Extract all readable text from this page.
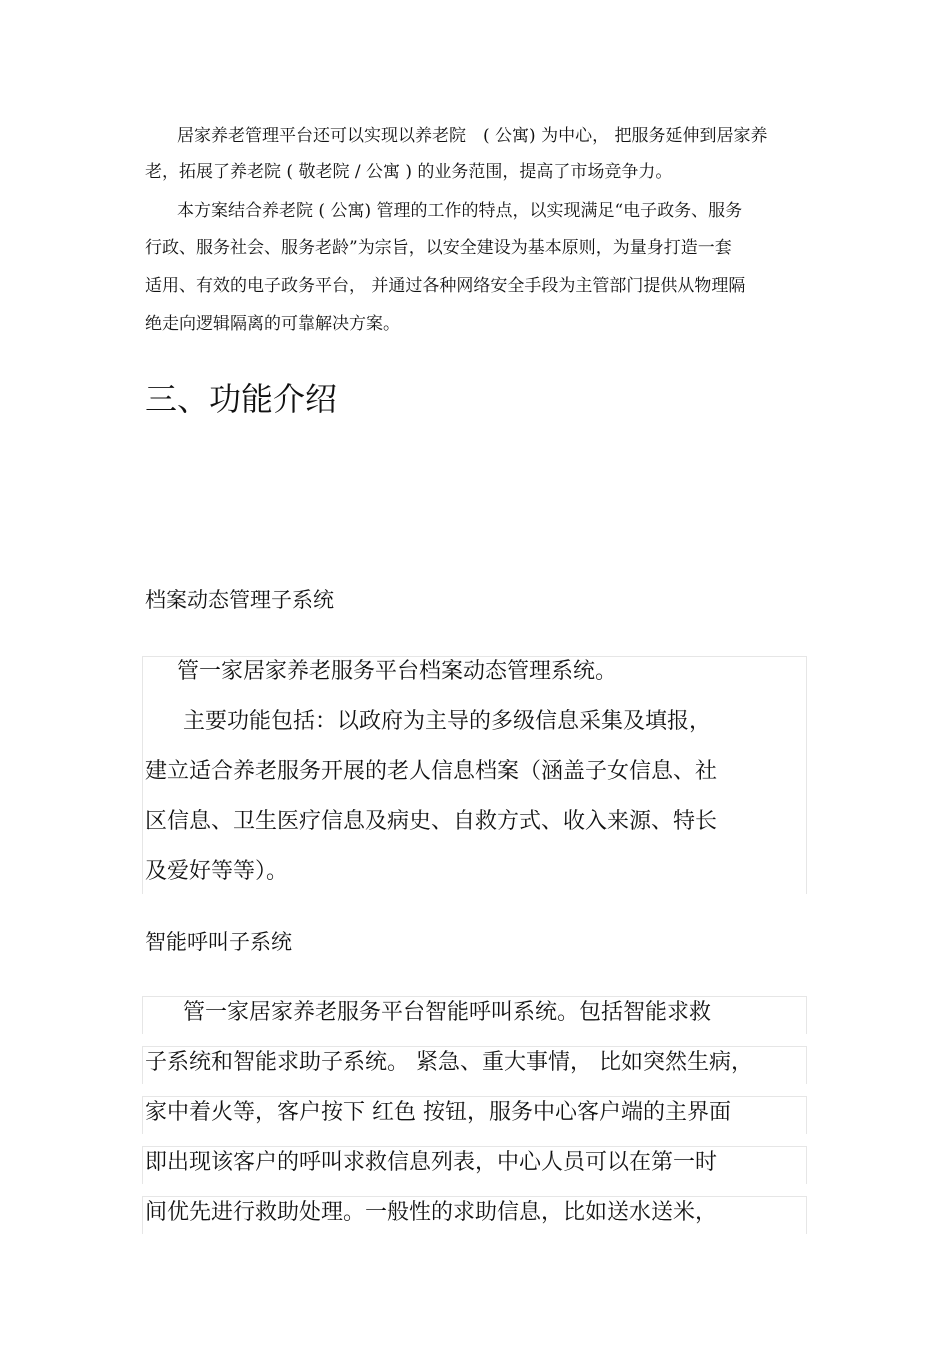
居家养老管理平台还可以实现以养老院　( 公寓) 为中心， 把服务延伸到居家养

老，拓展了养老院 ( 敬老院 / 公寓 ) 的业务范围，提高了市场竞争力。

本方案结合养老院 ( 公寓) 管理的工作的特点，以实现满足“电子政务、服务

行政、服务社会、服务老龄”为宗旨，以安全建设为基本原则，为量身打造一套

适用、有效的电子政务平台， 并通过各种网络安全手段为主管部门提供从物理隔

绝走向逻辑隔离的可靠解决方案。

三、功能介绍
档案动态管理子系统

管一家居家养老服务平台档案动态管理系统。

主要功能包括：以政府为主导的多级信息采集及填报，

建立适合养老服务开展的老人信息档案（涵盖子女信息、社

区信息、卫生医疗信息及病史、自救方式、收入来源、特长

及爱好等等）。

智能呼叫子系统

管一家居家养老服务平台智能呼叫系统。包括智能求救

子系统和智能求助子系统。 紧急、重大事情， 比如突然生病，

家中着火等，客户按下 红色 按钮，服务中心客户端的主界面

即出现该客户的呼叫求救信息列表，中心人员可以在第一时

间优先进行救助处理。一般性的求助信息，比如送水送米，
